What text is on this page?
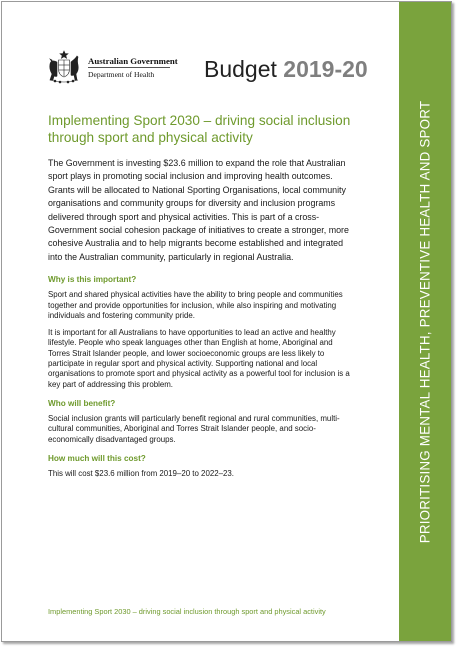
Australian Government
Department of Health	Budget 2019-20
Implementing Sport 2030 – driving social inclusion through sport and physical activity

The Government is investing $23.6 million to expand the role that Australian sport plays in promoting social inclusion and improving health outcomes. Grants will be allocated to National Sporting Organisations, local community organisations and community groups for diversity and inclusion programs delivered through sport and physical activities. This is part of a cross-Government social cohesion package of initiatives to create a stronger, more cohesive Australia and to help migrants become established and integrated into the Australian community, particularly in regional Australia.

Why is this important?

Sport and shared physical activities have the ability to bring people and communities together and provide opportunities for inclusion, while also inspiring and motivating individuals and fostering community pride.

It is important for all Australians to have opportunities to lead an active and healthy lifestyle. People who speak languages other than English at home, Aboriginal and Torres Strait Islander people, and lower socioeconomic groups are less likely to participate in regular sport and physical activity. Supporting national and local organisations to promote sport and physical activity as a powerful tool for inclusion is a key part of addressing this problem.

Who will benefit?

Social inclusion grants will particularly benefit regional and rural communities, multi-cultural communities, Aboriginal and Torres Strait Islander people, and socio-economically disadvantaged groups.

How much will this cost?

This will cost $23.6 million from 2019–20 to 2022–23.

Implementing Sport 2030 – driving social inclusion through sport and physical activity
PRIORITISING MENTAL HEALTH, PREVENTIVE HEALTH AND SPORT
